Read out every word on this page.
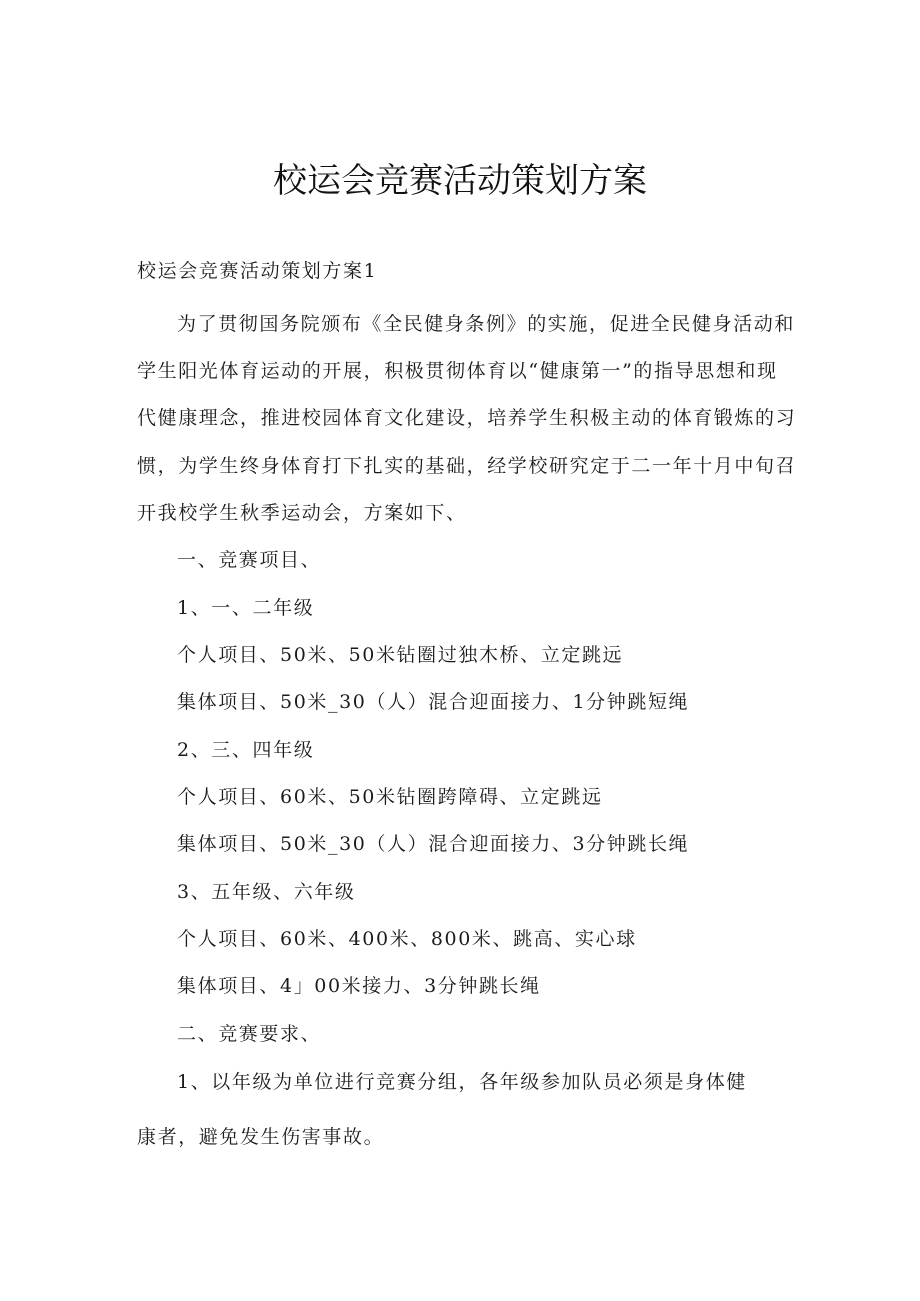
校运会竞赛活动策划方案
校运会竞赛活动策划方案1
为了贯彻国务院颁布《全民健身条例》的实施，促进全民健身活动和
学生阳光体育运动的开展，积极贯彻体育以“健康第一”的指导思想和现
代健康理念，推进校园体育文化建设，培养学生积极主动的体育锻炼的习
惯，为学生终身体育打下扎实的基础，经学校研究定于二一年十月中旬召
开我校学生秋季运动会，方案如下、
一、竞赛项目、
1、一、二年级
个人项目、50米、50米钻圈过独木桥、立定跳远
集体项目、50米_30（人）混合迎面接力、1分钟跳短绳
2、三、四年级
个人项目、60米、50米钻圈跨障碍、立定跳远
集体项目、50米_30（人）混合迎面接力、3分钟跳长绳
3、五年级、六年级
个人项目、60米、400米、800米、跳高、实心球
集体项目、4」00米接力、3分钟跳长绳
二、竞赛要求、
1、以年级为单位进行竞赛分组，各年级参加队员必须是身体健
康者，避免发生伤害事故。
